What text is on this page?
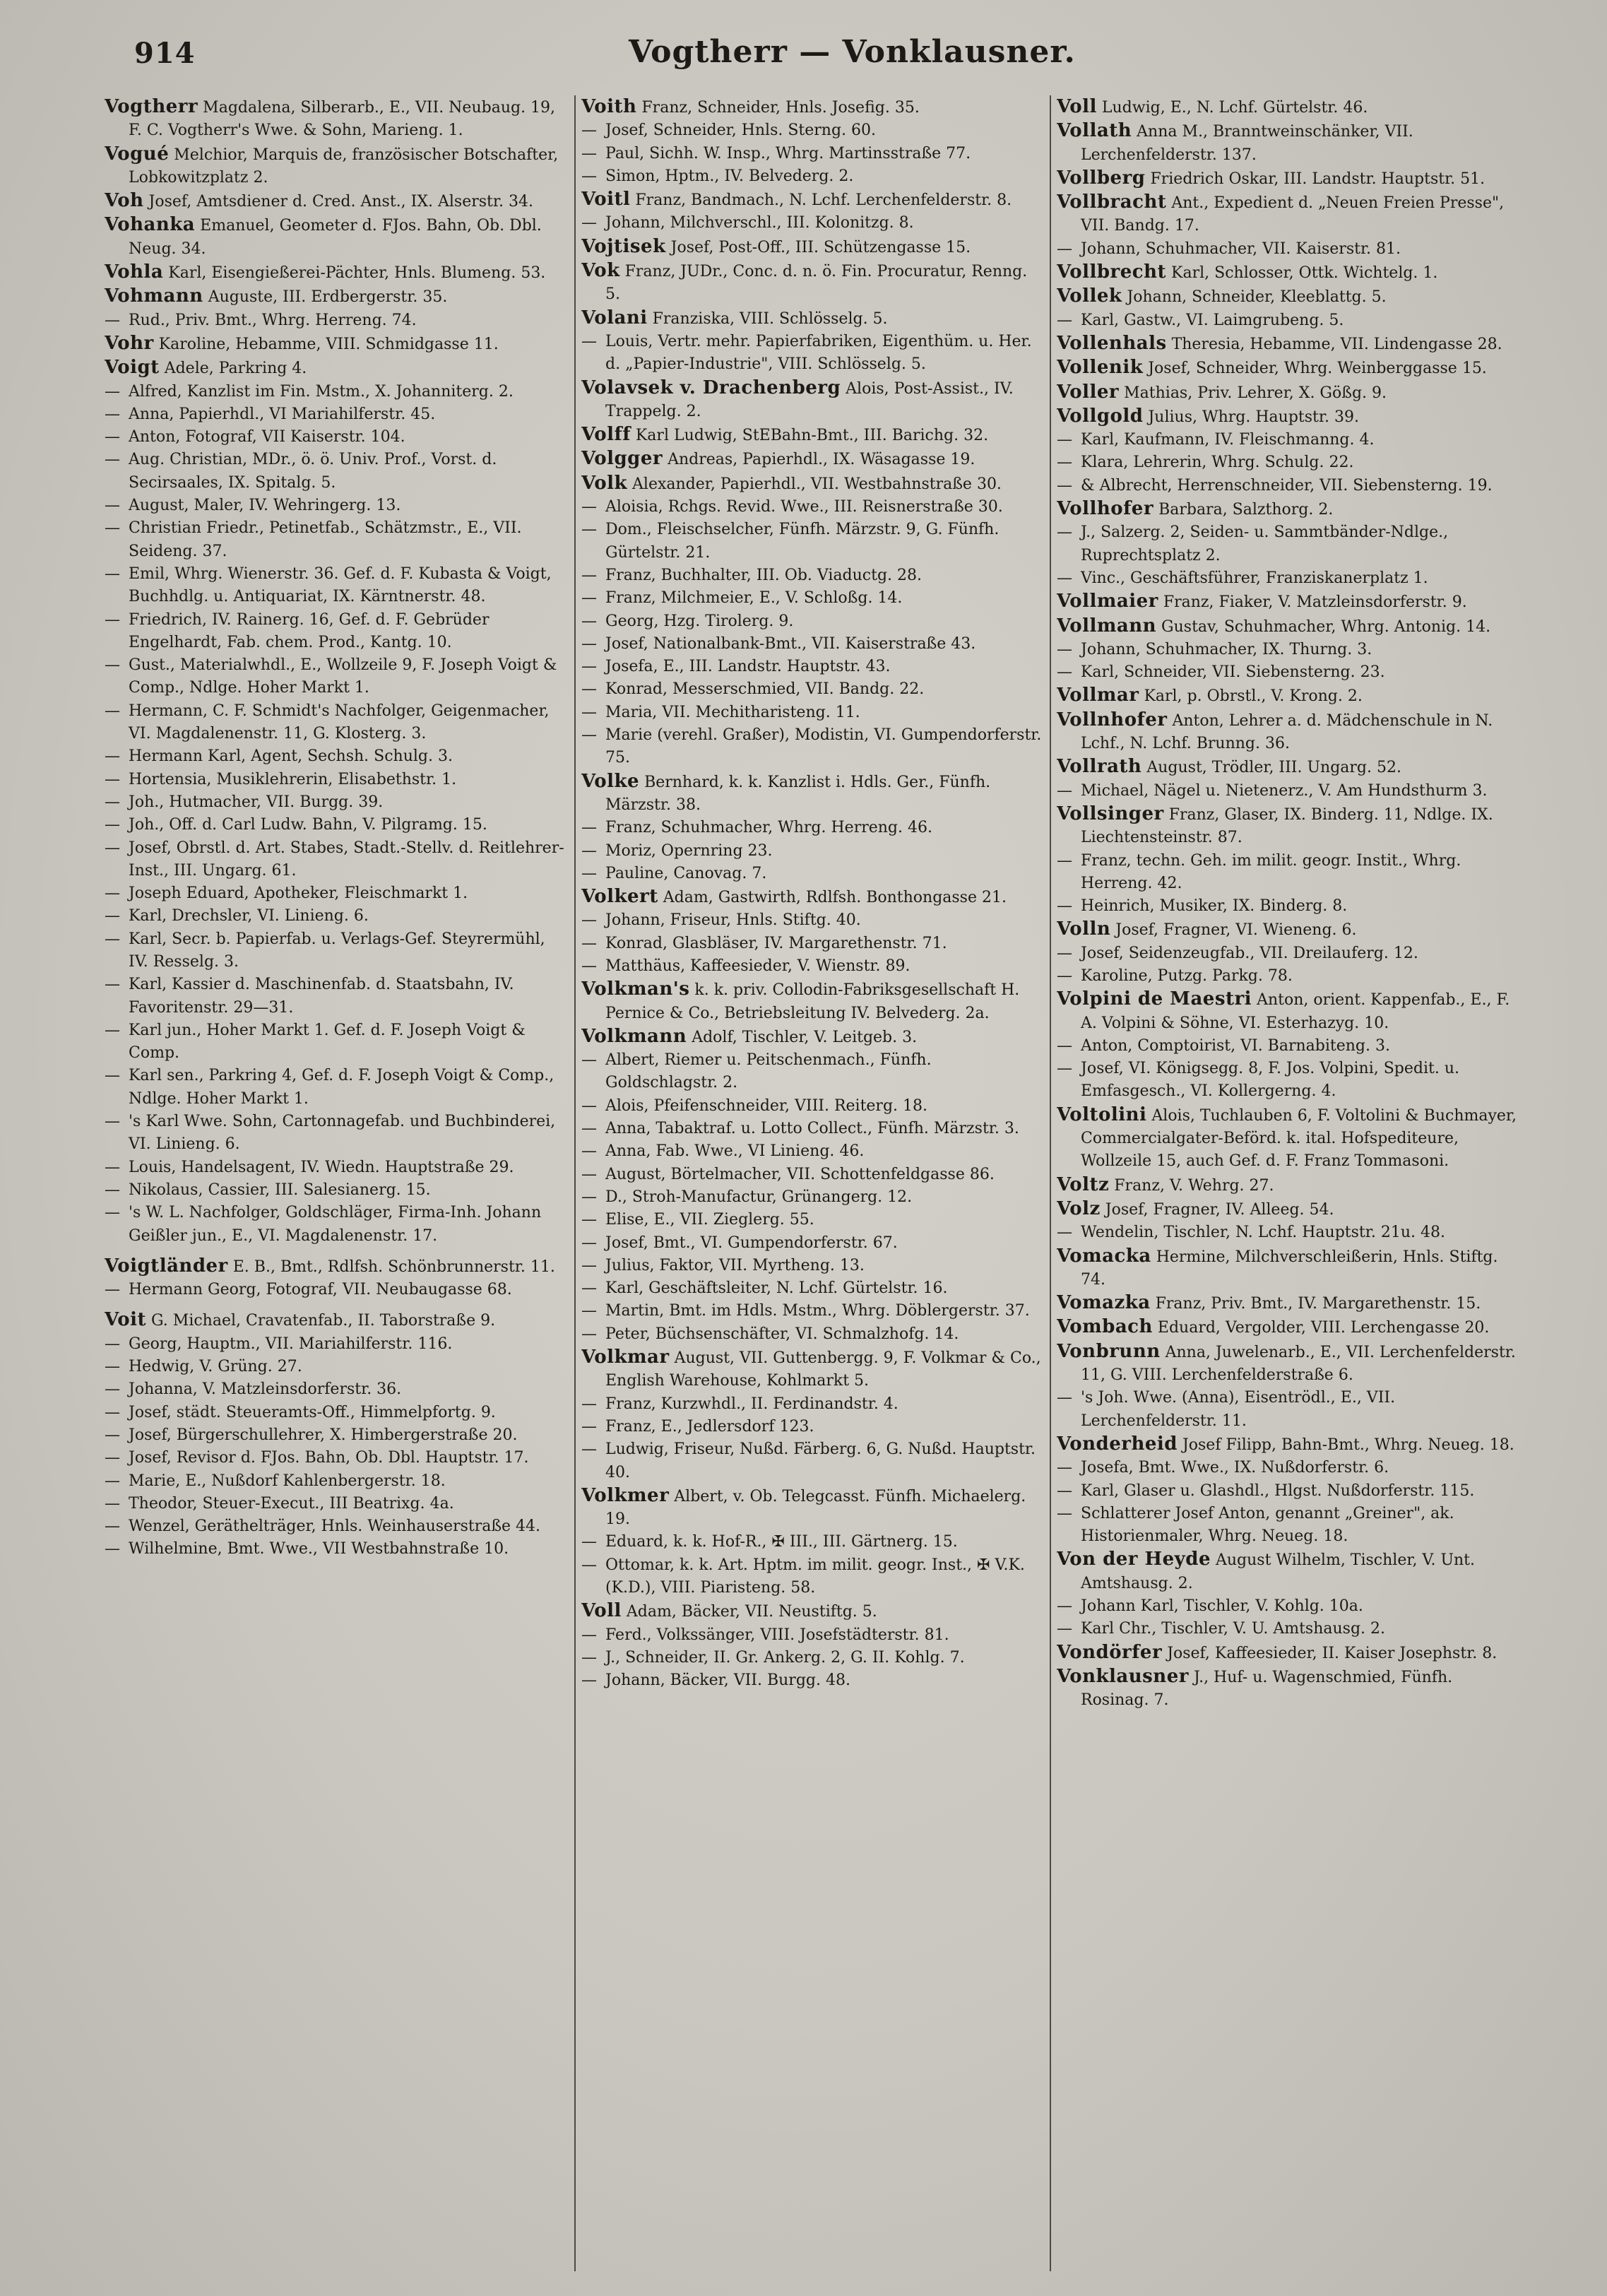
914	Vogtherr — Vonklausner.

Vogtherr Magdalena, Silberarb., E., VII. Neubaug. 19, F. C. Vogtherr's Wwe. & Sohn, Marieng. 1.

Vogué Melchior, Marquis de, französischer Botschafter, Lobkowitzplatz 2.

Voh Josef, Amtsdiener d. Cred. Anst., IX. Alserstr. 34.

Vohanka Emanuel, Geometer d. FJos. Bahn, Ob. Dbl. Neug. 34.

Vohla Karl, Eisengießerei-Pächter, Hnls. Blumeng. 53.

Vohmann Auguste, III. Erdbergerstr. 35.

— Rud., Priv. Bmt., Whrg. Herreng. 74.

Vohr Karoline, Hebamme, VIII. Schmidgasse 11.

Voigt Adele, Parkring 4.

— Alfred, Kanzlist im Fin. Mstm., X. Johanniterg. 2.

— Anna, Papierhdl., VI Mariahilferstr. 45.

— Anton, Fotograf, VII Kaiserstr. 104.

— Aug. Christian, MDr., ö. ö. Univ. Prof., Vorst. d. Secirsaales, IX. Spitalg. 5.

— August, Maler, IV. Wehringerg. 13.

— Christian Friedr., Petinetfab., Schätzmstr., E., VII. Seideng. 37.

— Emil, Whrg. Wienerstr. 36. Gef. d. F. Kubasta & Voigt, Buchhdlg. u. Antiquariat, IX. Kärntnerstr. 48.

— Friedrich, IV. Rainerg. 16, Gef. d. F. Gebrüder Engelhardt, Fab. chem. Prod., Kantg. 10.

— Gust., Materialwhdl., E., Wollzeile 9, F. Joseph Voigt & Comp., Ndlge. Hoher Markt 1.

— Hermann, C. F. Schmidt's Nachfolger, Geigenmacher, VI. Magdalenenstr. 11, G. Klosterg. 3.

— Hermann Karl, Agent, Sechsh. Schulg. 3.

— Hortensia, Musiklehrerin, Elisabethstr. 1.

— Joh., Hutmacher, VII. Burgg. 39.

— Joh., Off. d. Carl Ludw. Bahn, V. Pilgramg. 15.

— Josef, Obrstl. d. Art. Stabes, Stadt.-Stellv. d. Reitlehrer-Inst., III. Ungarg. 61.

— Joseph Eduard, Apotheker, Fleischmarkt 1.

— Karl, Drechsler, VI. Linieng. 6.

— Karl, Secr. b. Papierfab. u. Verlags-Gef. Steyrermühl, IV. Resselg. 3.

— Karl, Kassier d. Maschinenfab. d. Staatsbahn, IV. Favoritenstr. 29—31.

— Karl jun., Hoher Markt 1. Gef. d. F. Joseph Voigt & Comp.

— Karl sen., Parkring 4, Gef. d. F. Joseph Voigt & Comp., Ndlge. Hoher Markt 1.

— 's Karl Wwe. Sohn, Cartonnagefab. und Buchbinderei, VI. Linieng. 6.

— Louis, Handelsagent, IV. Wiedn. Hauptstraße 29.

— Nikolaus, Cassier, III. Salesianerg. 15.

— 's W. L. Nachfolger, Goldschläger, Firma-Inh. Johann Geißler jun., E., VI. Magdalenenstr. 17.

Voigtländer E. B., Bmt., Rdlfsh. Schönbrunnerstr. 11.

— Hermann Georg, Fotograf, VII. Neubaugasse 68.

Voit G. Michael, Cravatenfab., II. Taborstraße 9.

— Georg, Hauptm., VII. Mariahilferstr. 116.

— Hedwig, V. Grüng. 27.

— Johanna, V. Matzleinsdorferstr. 36.

— Josef, städt. Steueramts-Off., Himmelpfortg. 9.

— Josef, Bürgerschullehrer, X. Himbergerstraße 20.

— Josef, Revisor d. FJos. Bahn, Ob. Dbl. Hauptstr. 17.

— Marie, E., Nußdorf Kahlenbergerstr. 18.

— Theodor, Steuer-Execut., III Beatrixg. 4a.

— Wenzel, Geräthelträger, Hnls. Weinhauserstraße 44.

— Wilhelmine, Bmt. Wwe., VII Westbahnstraße 10.

Voith Franz, Schneider, Hnls. Josefig. 35.

— Josef, Schneider, Hnls. Sterng. 60.

— Paul, Sichh. W. Insp., Whrg. Martinsstraße 77.

— Simon, Hptm., IV. Belvederg. 2.

Voitl Franz, Bandmach., N. Lchf. Lerchenfelderstr. 8.

— Johann, Milchverschl., III. Kolonitzg. 8.

Vojtisek Josef, Post-Off., III. Schützengasse 15.

Vok Franz, JUDr., Conc. d. n. ö. Fin. Procuratur, Renng. 5.

Volani Franziska, VIII. Schlösselg. 5.

— Louis, Vertr. mehr. Papierfabriken, Eigenthüm. u. Her. d. „Papier-Industrie", VIII. Schlösselg. 5.

Volavsek v. Drachenberg Alois, Post-Assist., IV. Trappelg. 2.

Volff Karl Ludwig, StEBahn-Bmt., III. Barichg. 32.

Volgger Andreas, Papierhdl., IX. Wäsagasse 19.

Volk Alexander, Papierhdl., VII. Westbahnstraße 30.

— Aloisia, Rchgs. Revid. Wwe., III. Reisnerstraße 30.

— Dom., Fleischselcher, Fünfh. Märzstr. 9, G. Fünfh. Gürtelstr. 21.

— Franz, Buchhalter, III. Ob. Viaductg. 28.

— Franz, Milchmeier, E., V. Schloßg. 14.

— Georg, Hzg. Tirolerg. 9.

— Josef, Nationalbank-Bmt., VII. Kaiserstraße 43.

— Josefa, E., III. Landstr. Hauptstr. 43.

— Konrad, Messerschmied, VII. Bandg. 22.

— Maria, VII. Mechitharisteng. 11.

— Marie (verehl. Graßer), Modistin, VI. Gumpendorferstr. 75.

Volke Bernhard, k. k. Kanzlist i. Hdls. Ger., Fünfh. Märzstr. 38.

— Franz, Schuhmacher, Whrg. Herreng. 46.

— Moriz, Opernring 23.

— Pauline, Canovag. 7.

Volkert Adam, Gastwirth, Rdlfsh. Bonthongasse 21.

— Johann, Friseur, Hnls. Stiftg. 40.

— Konrad, Glasbläser, IV. Margarethenstr. 71.

— Matthäus, Kaffeesieder, V. Wienstr. 89.

Volkman's k. k. priv. Collodin-Fabriksgesellschaft H. Pernice & Co., Betriebsleitung IV. Belvederg. 2a.

Volkmann Adolf, Tischler, V. Leitgeb. 3.

— Albert, Riemer u. Peitschenmach., Fünfh. Goldschlagstr. 2.

— Alois, Pfeifenschneider, VIII. Reiterg. 18.

— Anna, Tabaktraf. u. Lotto Collect., Fünfh. Märzstr. 3.

— Anna, Fab. Wwe., VI Linieng. 46.

— August, Börtelmacher, VII. Schottenfeldgasse 86.

— D., Stroh-Manufactur, Grünangerg. 12.

— Elise, E., VII. Zieglerg. 55.

— Josef, Bmt., VI. Gumpendorferstr. 67.

— Julius, Faktor, VII. Myrtheng. 13.

— Karl, Geschäftsleiter, N. Lchf. Gürtelstr. 16.

— Martin, Bmt. im Hdls. Mstm., Whrg. Döblergerstr. 37.

— Peter, Büchsenschäfter, VI. Schmalzhofg. 14.

Volkmar August, VII. Guttenbergg. 9, F. Volkmar & Co., English Warehouse, Kohlmarkt 5.

— Franz, Kurzwhdl., II. Ferdinandstr. 4.

— Franz, E., Jedlersdorf 123.

— Ludwig, Friseur, Nußd. Färberg. 6, G. Nußd. Hauptstr. 40.

Volkmer Albert, v. Ob. Telegcasst. Fünfh. Michaelerg. 19.

— Eduard, k. k. Hof-R., ✠ III., III. Gärtnerg. 15.

— Ottomar, k. k. Art. Hptm. im milit. geogr. Inst., ✠ V.K. (K.D.), VIII. Piaristeng. 58.

Voll Adam, Bäcker, VII. Neustiftg. 5.

— Ferd., Volkssänger, VIII. Josefstädterstr. 81.

— J., Schneider, II. Gr. Ankerg. 2, G. II. Kohlg. 7.

— Johann, Bäcker, VII. Burgg. 48.

Voll Ludwig, E., N. Lchf. Gürtelstr. 46.

Vollath Anna M., Branntweinschänker, VII. Lerchenfelderstr. 137.

Vollberg Friedrich Oskar, III. Landstr. Hauptstr. 51.

Vollbracht Ant., Expedient d. „Neuen Freien Presse", VII. Bandg. 17.

— Johann, Schuhmacher, VII. Kaiserstr. 81.

Vollbrecht Karl, Schlosser, Ottk. Wichtelg. 1.

Vollek Johann, Schneider, Kleeblattg. 5.

— Karl, Gastw., VI. Laimgrubeng. 5.

Vollenhals Theresia, Hebamme, VII. Lindengasse 28.

Vollenik Josef, Schneider, Whrg. Weinberggasse 15.

Voller Mathias, Priv. Lehrer, X. Gößg. 9.

Vollgold Julius, Whrg. Hauptstr. 39.

— Karl, Kaufmann, IV. Fleischmanng. 4.

— Klara, Lehrerin, Whrg. Schulg. 22.

— & Albrecht, Herrenschneider, VII. Siebensterng. 19.

Vollhofer Barbara, Salzthorg. 2.

— J., Salzerg. 2, Seiden- u. Sammtbänder-Ndlge., Ruprechtsplatz 2.

— Vinc., Geschäftsführer, Franziskanerplatz 1.

Vollmaier Franz, Fiaker, V. Matzleinsdorferstr. 9.

Vollmann Gustav, Schuhmacher, Whrg. Antonig. 14.

— Johann, Schuhmacher, IX. Thurng. 3.

— Karl, Schneider, VII. Siebensterng. 23.

Vollmar Karl, p. Obrstl., V. Krong. 2.

Vollnhofer Anton, Lehrer a. d. Mädchenschule in N. Lchf., N. Lchf. Brunng. 36.

Vollrath August, Trödler, III. Ungarg. 52.

— Michael, Nägel u. Nietenerz., V. Am Hundsthurm 3.

Vollsinger Franz, Glaser, IX. Binderg. 11, Ndlge. IX. Liechtensteinstr. 87.

— Franz, techn. Geh. im milit. geogr. Instit., Whrg. Herreng. 42.

— Heinrich, Musiker, IX. Binderg. 8.

Volln Josef, Fragner, VI. Wieneng. 6.

— Josef, Seidenzeugfab., VII. Dreilauferg. 12.

— Karoline, Putzg. Parkg. 78.

Volpini de Maestri Anton, orient. Kappenfab., E., F. A. Volpini & Söhne, VI. Esterhazyg. 10.

— Anton, Comptoirist, VI. Barnabiteng. 3.

— Josef, VI. Königsegg. 8, F. Jos. Volpini, Spedit. u. Emfasgesch., VI. Kollergerng. 4.

Voltolini Alois, Tuchlauben 6, F. Voltolini & Buchmayer, Commercialgater-Beförd. k. ital. Hofspediteure, Wollzeile 15, auch Gef. d. F. Franz Tommasoni.

Voltz Franz, V. Wehrg. 27.

Volz Josef, Fragner, IV. Alleeg. 54.

— Wendelin, Tischler, N. Lchf. Hauptstr. 21u. 48.

Vomacka Hermine, Milchverschleißerin, Hnls. Stiftg. 74.

Vomazka Franz, Priv. Bmt., IV. Margarethenstr. 15.

Vombach Eduard, Vergolder, VIII. Lerchengasse 20.

Vonbrunn Anna, Juwelenarb., E., VII. Lerchenfelderstr. 11, G. VIII. Lerchenfelderstraße 6.

— 's Joh. Wwe. (Anna), Eisentrödl., E., VII. Lerchenfelderstr. 11.

Vonderheid Josef Filipp, Bahn-Bmt., Whrg. Neueg. 18.

— Josefa, Bmt. Wwe., IX. Nußdorferstr. 6.

— Karl, Glaser u. Glashdl., Hlgst. Nußdorferstr. 115.

— Schlatterer Josef Anton, genannt „Greiner", ak. Historienmaler, Whrg. Neueg. 18.

Von der Heyde August Wilhelm, Tischler, V. Unt. Amtshausg. 2.

— Johann Karl, Tischler, V. Kohlg. 10a.

— Karl Chr., Tischler, V. U. Amtshausg. 2.

Vondörfer Josef, Kaffeesieder, II. Kaiser Josephstr. 8.

Vonklausner J., Huf- u. Wagenschmied, Fünfh. Rosinag. 7.
